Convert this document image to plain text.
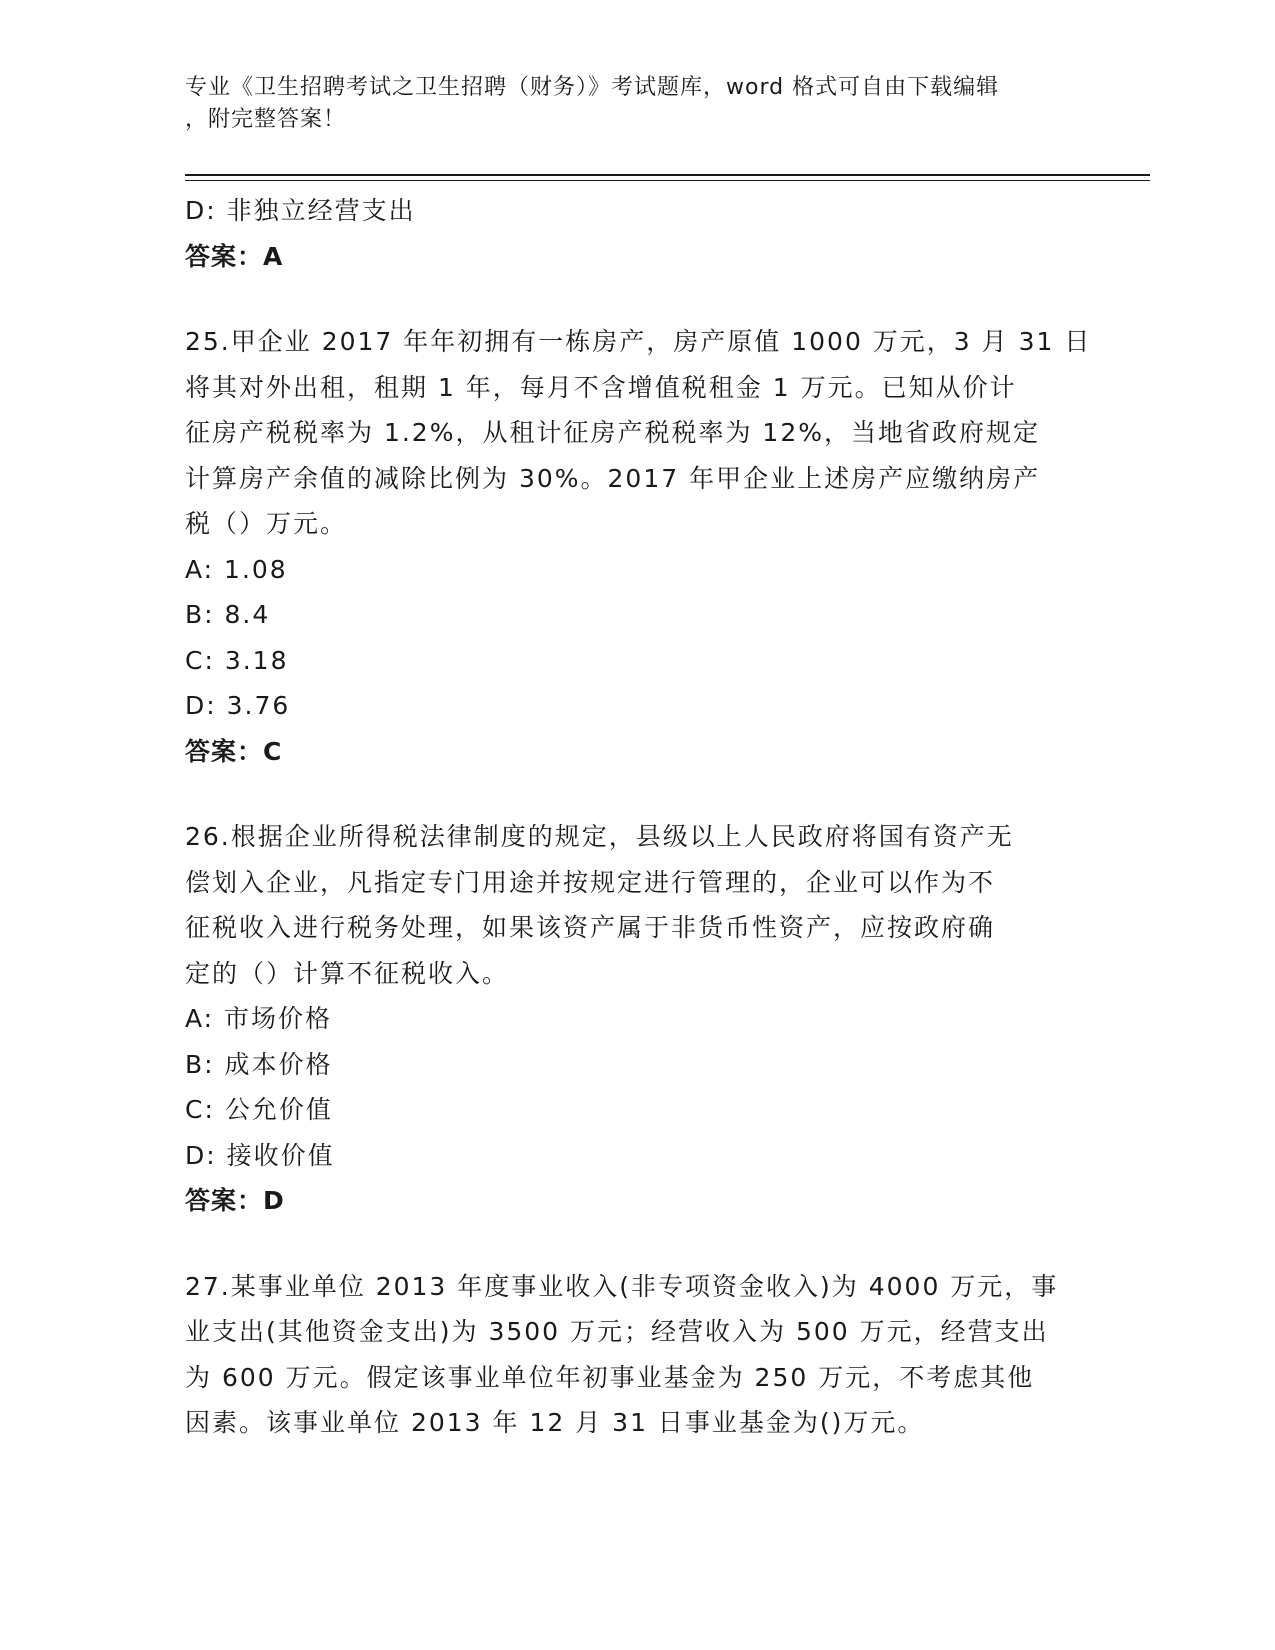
专业《卫生招聘考试之卫生招聘（财务）》考试题库，word 格式可自由下载编辑
，附完整答案！
D: 非独立经营支出
答案：A
25.甲企业 2017 年年初拥有一栋房产，房产原值 1000 万元，3 月 31 日
将其对外出租，租期 1 年，每月不含增值税租金 1 万元。已知从价计
征房产税税率为 1.2%，从租计征房产税税率为 12%，当地省政府规定
计算房产余值的减除比例为 30%。2017 年甲企业上述房产应缴纳房产
税（）万元。
A: 1.08
B: 8.4
C: 3.18
D: 3.76
答案：C
26.根据企业所得税法律制度的规定，县级以上人民政府将国有资产无
偿划入企业，凡指定专门用途并按规定进行管理的，企业可以作为不
征税收入进行税务处理，如果该资产属于非货币性资产，应按政府确
定的（）计算不征税收入。
A: 市场价格
B: 成本价格
C: 公允价值
D: 接收价值
答案：D
27.某事业单位 2013 年度事业收入(非专项资金收入)为 4000 万元，事
业支出(其他资金支出)为 3500 万元；经营收入为 500 万元，经营支出
为 600 万元。假定该事业单位年初事业基金为 250 万元，不考虑其他
因素。该事业单位 2013 年 12 月 31 日事业基金为()万元。
